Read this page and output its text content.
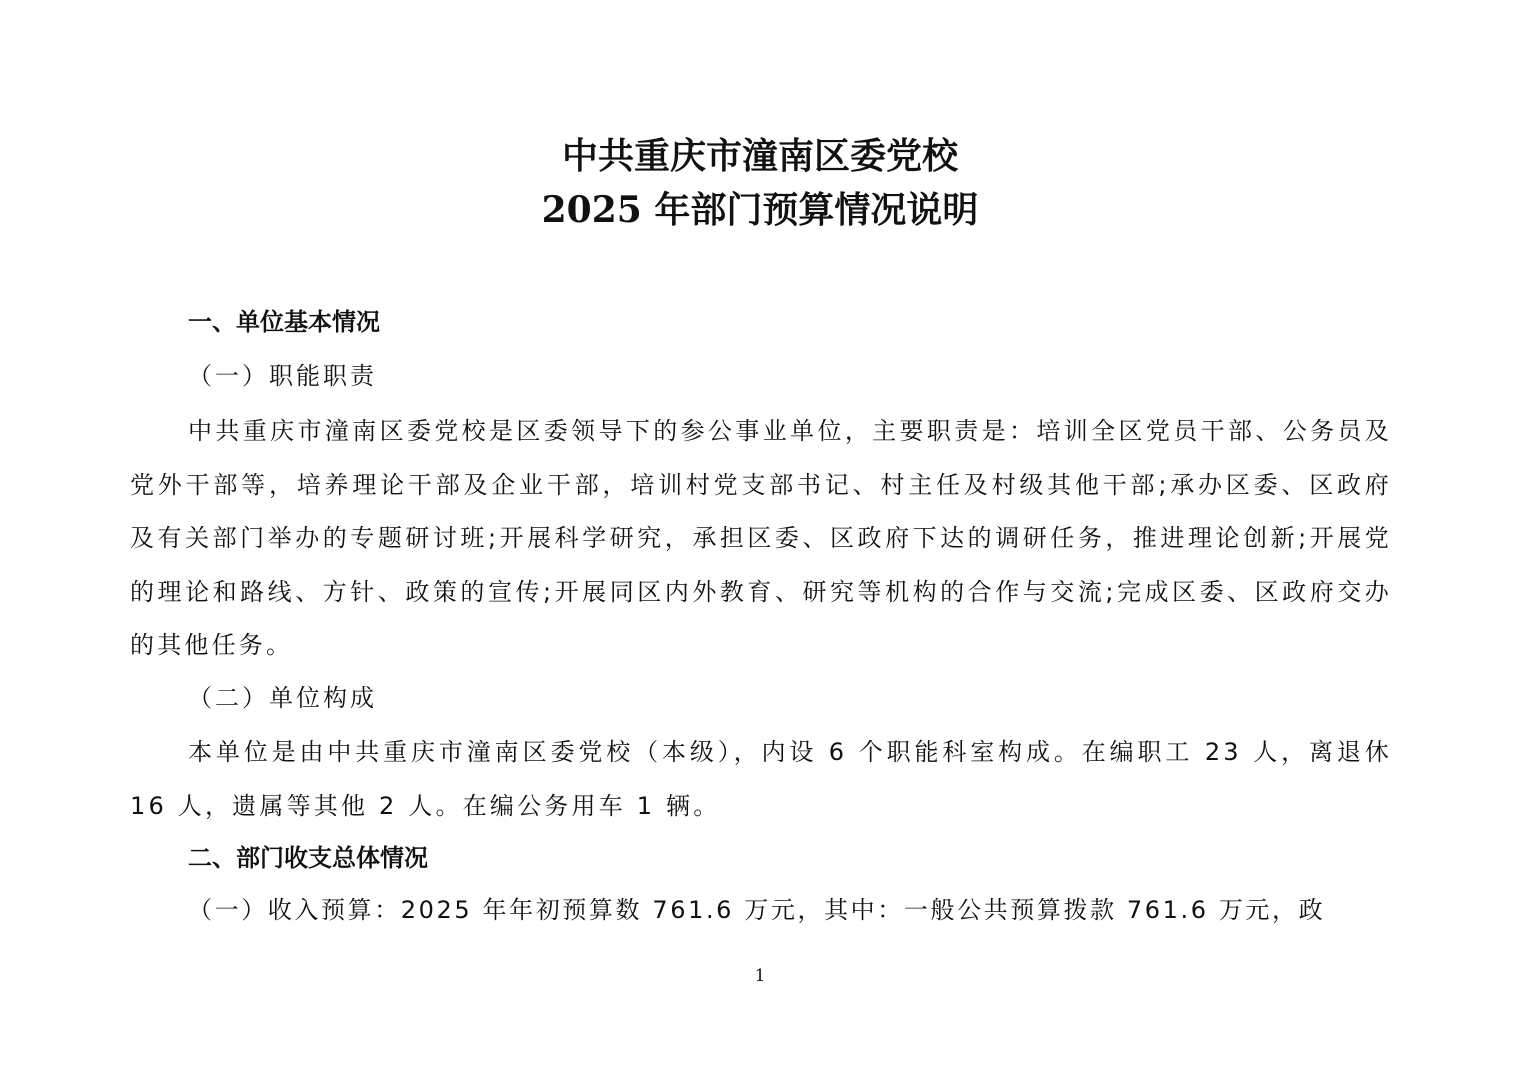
中共重庆市潼南区委党校
2025 年部门预算情况说明
一、单位基本情况
（一）职能职责
中共重庆市潼南区委党校是区委领导下的参公事业单位，主要职责是：培训全区党员干部、公务员及党外干部等，培养理论干部及企业干部，培训村党支部书记、村主任及村级其他干部;承办区委、区政府及有关部门举办的专题研讨班;开展科学研究，承担区委、区政府下达的调研任务，推进理论创新;开展党的理论和路线、方针、政策的宣传;开展同区内外教育、研究等机构的合作与交流;完成区委、区政府交办的其他任务。
（二）单位构成
本单位是由中共重庆市潼南区委党校（本级），内设 6 个职能科室构成。在编职工 23 人，离退休 16 人，遗属等其他 2 人。在编公务用车 1 辆。
二、部门收支总体情况
（一）收入预算：2025 年年初预算数 761.6 万元，其中：一般公共预算拨款 761.6 万元，政
1
